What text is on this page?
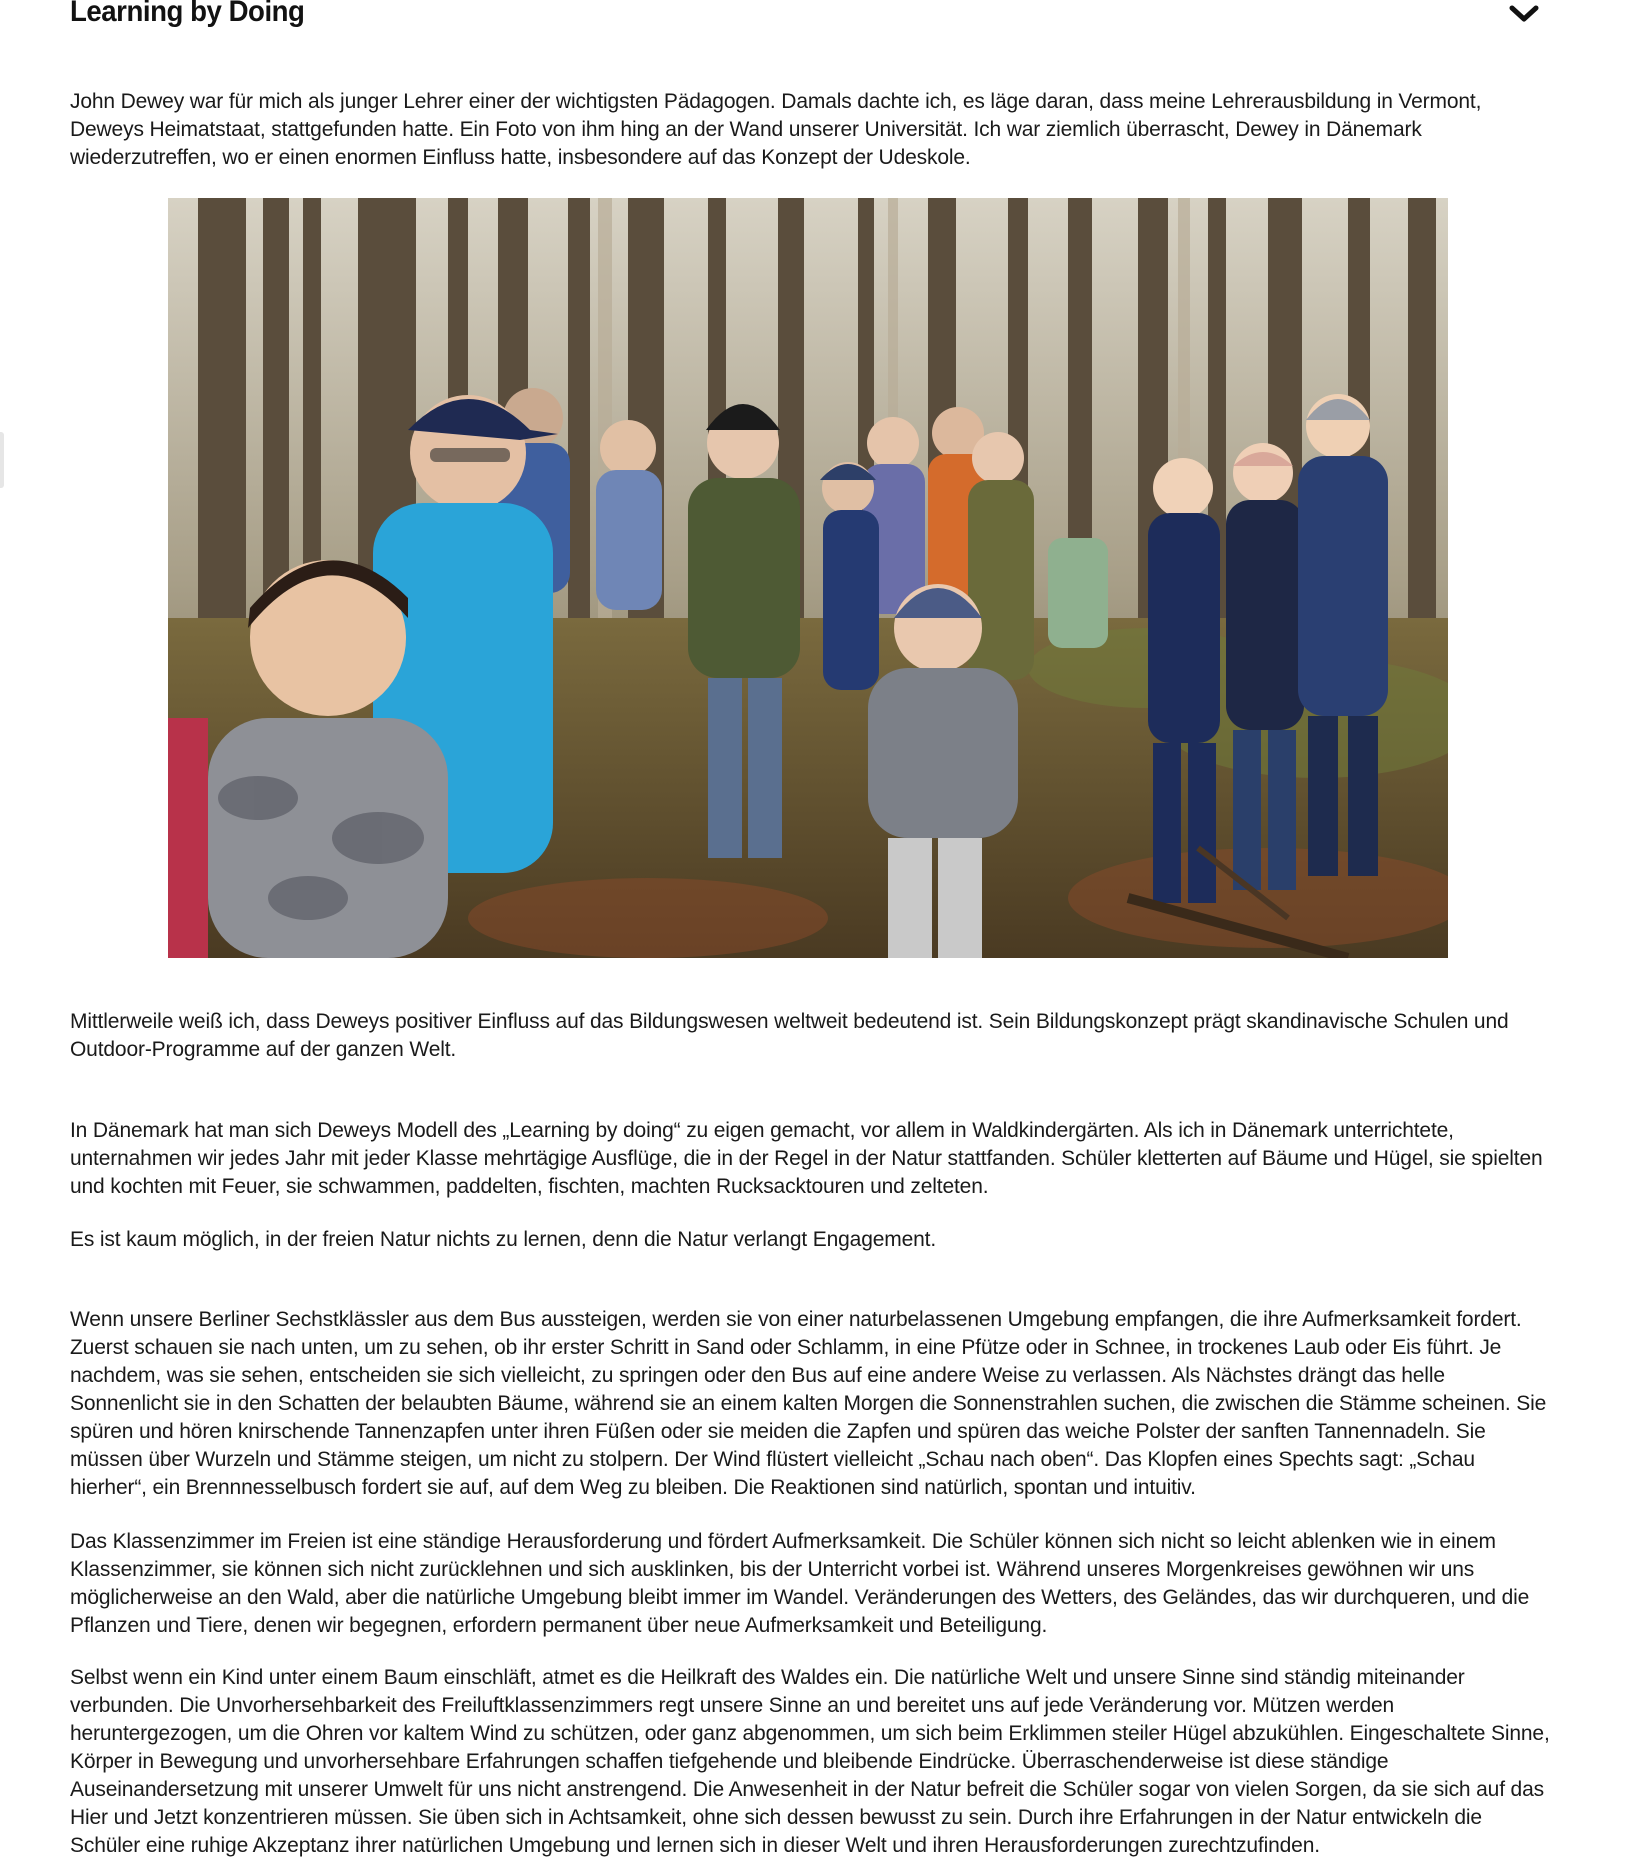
Learning by Doing

John Dewey war für mich als junger Lehrer einer der wichtigsten Pädagogen. Damals dachte ich, es läge daran, dass meine Lehrerausbildung in Vermont, Deweys Heimatstaat, stattgefunden hatte. Ein Foto von ihm hing an der Wand unserer Universität. Ich war ziemlich überrascht, Dewey in Dänemark wiederzutreffen, wo er einen enormen Einfluss hatte, insbesondere auf das Konzept der Udeskole.

Mittlerweile weiß ich, dass Deweys positiver Einfluss auf das Bildungswesen weltweit bedeutend ist. Sein Bildungskonzept prägt skandinavische Schulen und Outdoor-Programme auf der ganzen Welt.

In Dänemark hat man sich Deweys Modell des „Learning by doing“ zu eigen gemacht, vor allem in Waldkindergärten. Als ich in Dänemark unterrichtete, unternahmen wir jedes Jahr mit jeder Klasse mehrtägige Ausflüge, die in der Regel in der Natur stattfanden. Schüler kletterten auf Bäume und Hügel, sie spielten und kochten mit Feuer, sie schwammen, paddelten, fischten, machten Rucksacktouren und zelteten.

Es ist kaum möglich, in der freien Natur nichts zu lernen, denn die Natur verlangt Engagement.

Wenn unsere Berliner Sechstklässler aus dem Bus aussteigen, werden sie von einer naturbelassenen Umgebung empfangen, die ihre Aufmerksamkeit fordert. Zuerst schauen sie nach unten, um zu sehen, ob ihr erster Schritt in Sand oder Schlamm, in eine Pfütze oder in Schnee, in trockenes Laub oder Eis führt. Je nachdem, was sie sehen, entscheiden sie sich vielleicht, zu springen oder den Bus auf eine andere Weise zu verlassen. Als Nächstes drängt das helle Sonnenlicht sie in den Schatten der belaubten Bäume, während sie an einem kalten Morgen die Sonnenstrahlen suchen, die zwischen die Stämme scheinen. Sie spüren und hören knirschende Tannenzapfen unter ihren Füßen oder sie meiden die Zapfen und spüren das weiche Polster der sanften Tannennadeln. Sie müssen über Wurzeln und Stämme steigen, um nicht zu stolpern. Der Wind flüstert vielleicht „Schau nach oben“. Das Klopfen eines Spechts sagt: „Schau hierher“, ein Brennnesselbusch fordert sie auf, auf dem Weg zu bleiben. Die Reaktionen sind natürlich, spontan und intuitiv.

Das Klassenzimmer im Freien ist eine ständige Herausforderung und fördert Aufmerksamkeit. Die Schüler können sich nicht so leicht ablenken wie in einem Klassenzimmer, sie können sich nicht zurücklehnen und sich ausklinken, bis der Unterricht vorbei ist. Während unseres Morgenkreises gewöhnen wir uns möglicherweise an den Wald, aber die natürliche Umgebung bleibt immer im Wandel. Veränderungen des Wetters, des Geländes, das wir durchqueren, und die Pflanzen und Tiere, denen wir begegnen, erfordern permanent über neue Aufmerksamkeit und Beteiligung.

Selbst wenn ein Kind unter einem Baum einschläft, atmet es die Heilkraft des Waldes ein. Die natürliche Welt und unsere Sinne sind ständig miteinander verbunden. Die Unvorhersehbarkeit des Freiluftklassenzimmers regt unsere Sinne an und bereitet uns auf jede Veränderung vor. Mützen werden heruntergezogen, um die Ohren vor kaltem Wind zu schützen, oder ganz abgenommen, um sich beim Erklimmen steiler Hügel abzukühlen. Eingeschaltete Sinne, Körper in Bewegung und unvorhersehbare Erfahrungen schaffen tiefgehende und bleibende Eindrücke. Überraschenderweise ist diese ständige Auseinandersetzung mit unserer Umwelt für uns nicht anstrengend. Die Anwesenheit in der Natur befreit die Schüler sogar von vielen Sorgen, da sie sich auf das Hier und Jetzt konzentrieren müssen. Sie üben sich in Achtsamkeit, ohne sich dessen bewusst zu sein. Durch ihre Erfahrungen in der Natur entwickeln die Schüler eine ruhige Akzeptanz ihrer natürlichen Umgebung und lernen sich in dieser Welt und ihren Herausforderungen zurechtzufinden.
